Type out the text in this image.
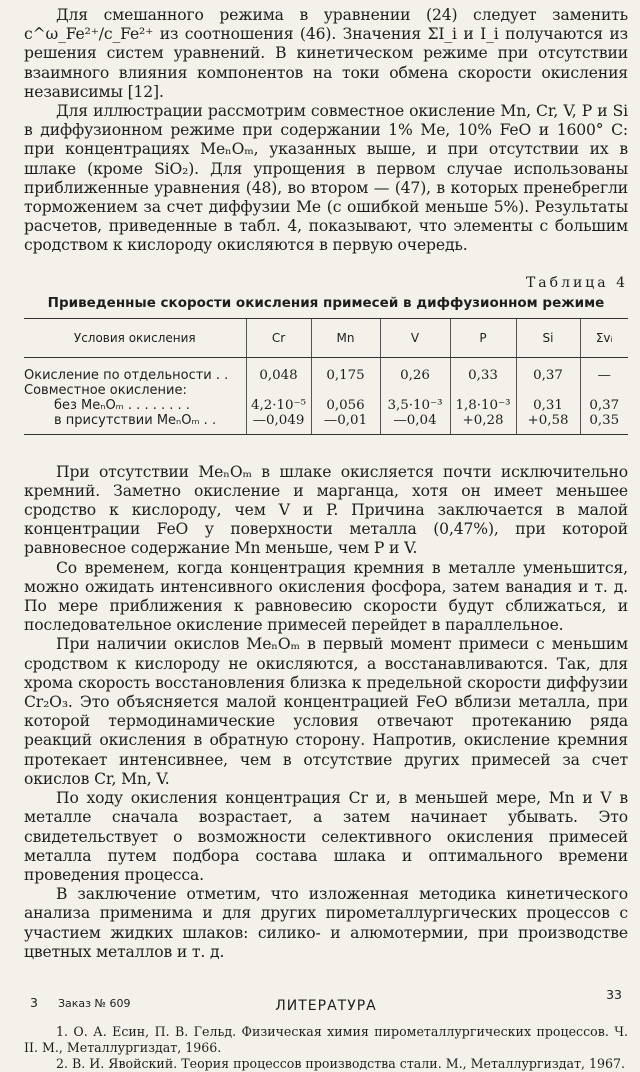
Для смешанного режима в уравнении (24) следует заменить c^ω_Fe²⁺/c_Fe²⁺ из соотношения (46). Значения ΣI_i и I_i получаются из решения систем уравнений. В кинетическом режиме при отсутствии взаимного влияния компонентов на токи обмена скорости окисления независимы [12].

Для иллюстрации рассмотрим совместное окисление Mn, Cr, V, P и Si в диффузионном режиме при содержании 1% Me, 10% FeO и 1600° С: при концентрациях MeₙOₘ, указанных выше, и при отсутствии их в шлаке (кроме SiO₂). Для упрощения в первом случае использованы приближенные уравнения (48), во втором — (47), в которых пренебрегли торможением за счет диффузии Me (с ошибкой меньше 5%). Результаты расчетов, приведенные в табл. 4, показывают, что элементы с большим сродством к кислороду окисляются в первую очередь.

Таблица 4
Приведенные скорости окисления примесей в диффузионном режиме
Условия окисления	Cr	Mn	V	P	Si	Σvᵢ
Окисление по отдельности . .	0,048	0,175	0,26	0,33	0,37	—
Совместное окисление:						
без MeₙOₘ . . . . . . . .	4,2·10⁻⁵	0,056	3,5·10⁻³	1,8·10⁻³	0,31	0,37
в присутствии MeₙOₘ . .	—0,049	—0,01	—0,04	+0,28	+0,58	0,35

При отсутствии MeₙOₘ в шлаке окисляется почти исключительно кремний. Заметно окисление и марганца, хотя он имеет меньшее сродство к кислороду, чем V и P. Причина заключается в малой концентрации FeO у поверхности металла (0,47%), при которой равновесное содержание Mn меньше, чем P и V.

Со временем, когда концентрация кремния в металле уменьшится, можно ожидать интенсивного окисления фосфора, затем ванадия и т. д. По мере приближения к равновесию скорости будут сближаться, и последовательное окисление примесей перейдет в параллельное.

При наличии окислов MeₙOₘ в первый момент примеси с меньшим сродством к кислороду не окисляются, а восстанавливаются. Так, для хрома скорость восстановления близка к предельной скорости диффузии Cr₂O₃. Это объясняется малой концентрацией FeO вблизи металла, при которой термодинамические условия отвечают протеканию ряда реакций окисления в обратную сторону. Напротив, окисление кремния протекает интенсивнее, чем в отсутствие других примесей за счет окислов Cr, Mn, V.

По ходу окисления концентрация Cr и, в меньшей мере, Mn и V в металле сначала возрастает, а затем начинает убывать. Это свидетельствует о возможности селективного окисления примесей металла путем подбора состава шлака и оптимального времени проведения процесса.

В заключение отметим, что изложенная методика кинетического анализа применима и для других пирометаллургических процессов с участием жидких шлаков: силико- и алюмотермии, при производстве цветных металлов и т. д.

ЛИТЕРАТУРА

1. О. А. Есин, П. В. Гельд. Физическая химия пирометаллургических процессов. Ч. II. М., Металлургиздат, 1966.

2. В. И. Явойский. Теория процессов производства стали. М., Металлургиздат, 1967.

3 Заказ № 609
33
